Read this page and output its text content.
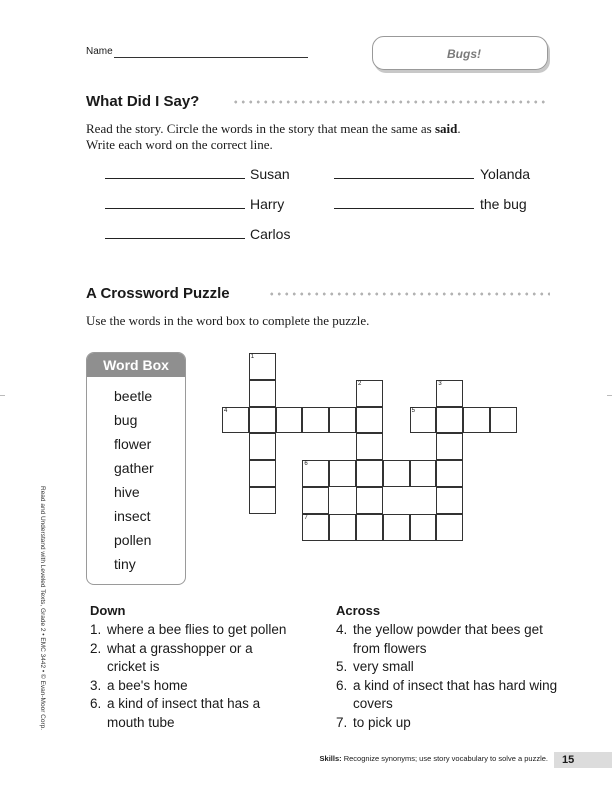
Name	Bugs!
What Did I Say?
Read the story. Circle the words in the story that mean the same as said.
Write each word on the correct line.
Susan	Yolanda
Harry	the bug
Carlos
A Crossword Puzzle
Use the words in the word box to complete the puzzle.
Word Box
beetle
bug
flower
gather
hive
insect
pollen
tiny
1
2	3
4	5
6
7
Down
1. where a bee flies to get pollen
2. what a grasshopper or a cricket is
3. a bee's home
6. a kind of insect that has a mouth tube
Across
4. the yellow powder that bees get from flowers
5. very small
6. a kind of insect that has hard wing covers
7. to pick up
Read and Understand with Leveled Texts, Grade 2 • EMC 3442 • © Evan-Moor Corp.
Skills: Recognize synonyms; use story vocabulary to solve a puzzle. 15
